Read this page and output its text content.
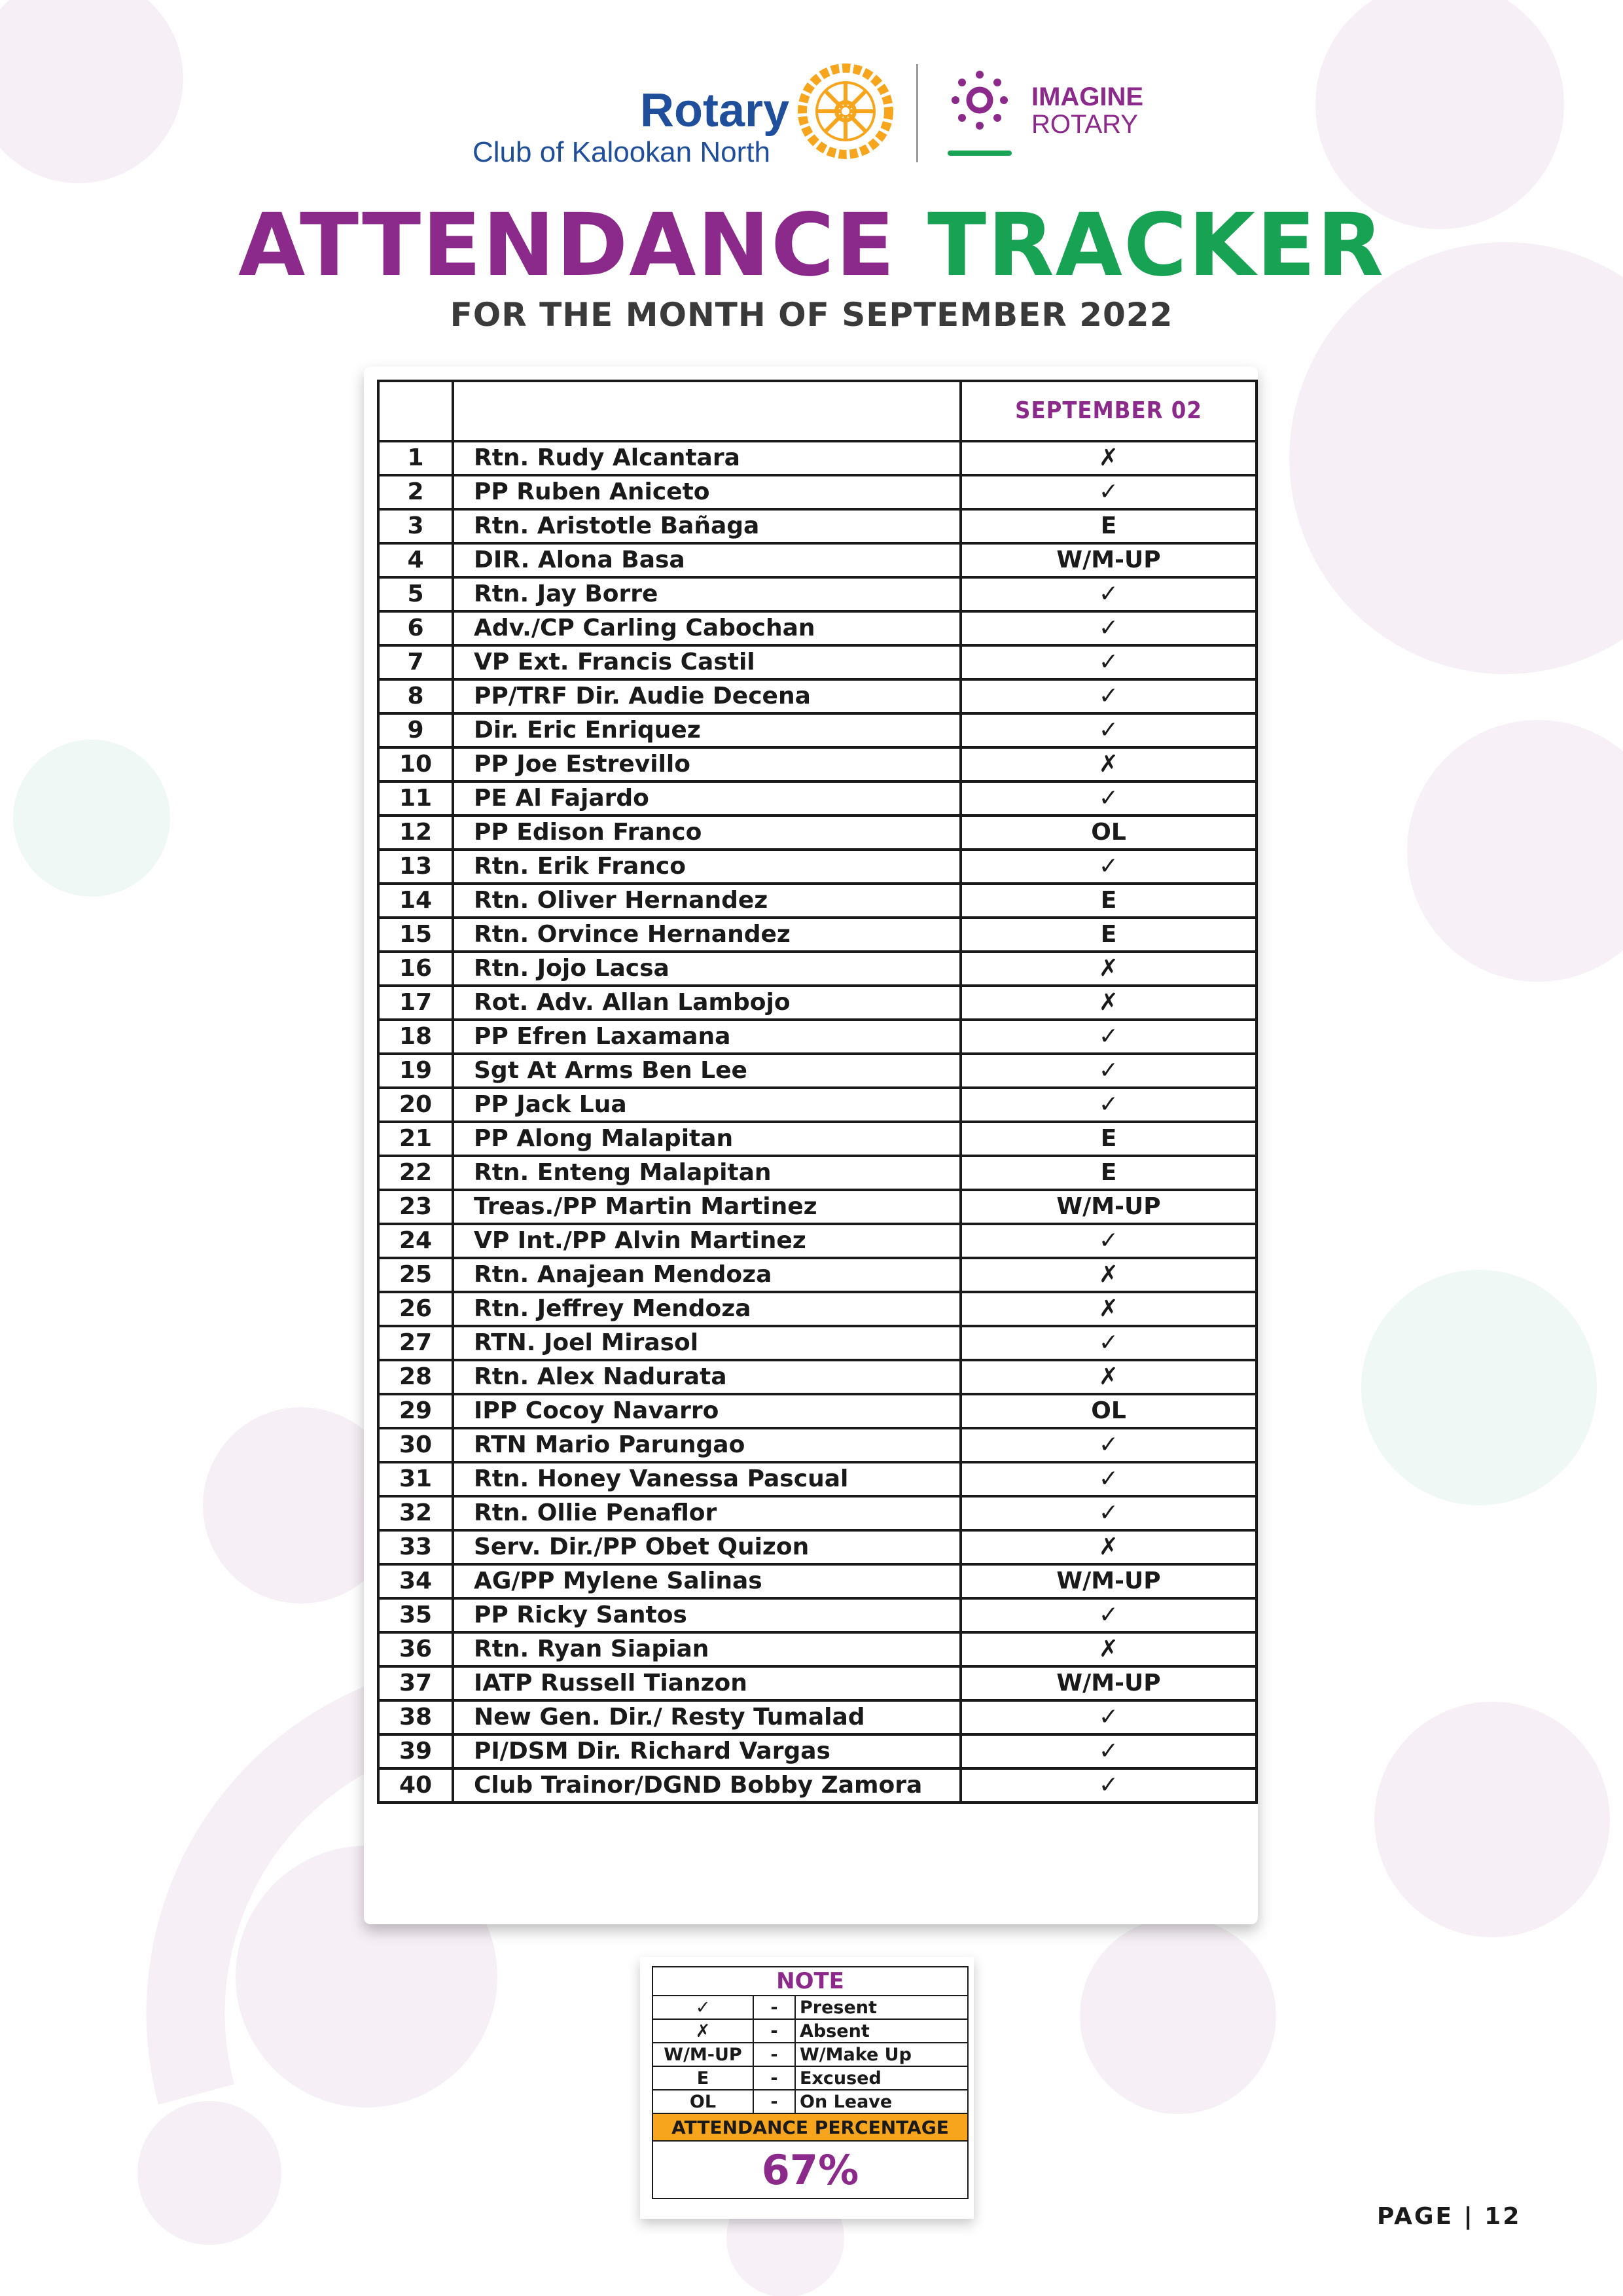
Rotary
Club of Kalookan North
IMAGINE
ROTARY
ATTENDANCE TRACKER
FOR THE MONTH OF SEPTEMBER 2022
		SEPTEMBER 02
1	Rtn. Rudy Alcantara	✗
2	PP Ruben Aniceto	✓
3	Rtn. Aristotle Bañaga	E
4	DIR. Alona Basa	W/M-UP
5	Rtn. Jay Borre	✓
6	Adv./CP Carling Cabochan	✓
7	VP Ext. Francis Castil	✓
8	PP/TRF Dir. Audie Decena	✓
9	Dir. Eric Enriquez	✓
10	PP Joe Estrevillo	✗
11	PE Al Fajardo	✓
12	PP Edison Franco	OL
13	Rtn. Erik Franco	✓
14	Rtn. Oliver Hernandez	E
15	Rtn. Orvince Hernandez	E
16	Rtn. Jojo Lacsa	✗
17	Rot. Adv. Allan Lambojo	✗
18	PP Efren Laxamana	✓
19	Sgt At Arms Ben Lee	✓
20	PP Jack Lua	✓
21	PP Along Malapitan	E
22	Rtn. Enteng Malapitan	E
23	Treas./PP Martin Martinez	W/M-UP
24	VP Int./PP Alvin Martinez	✓
25	Rtn. Anajean Mendoza	✗
26	Rtn. Jeffrey Mendoza	✗
27	RTN. Joel Mirasol	✓
28	Rtn. Alex Nadurata	✗
29	IPP Cocoy Navarro	OL
30	RTN Mario Parungao	✓
31	Rtn. Honey Vanessa Pascual	✓
32	Rtn. Ollie Penaflor	✓
33	Serv. Dir./PP Obet Quizon	✗
34	AG/PP Mylene Salinas	W/M-UP
35	PP Ricky Santos	✓
36	Rtn. Ryan Siapian	✗
37	IATP Russell Tianzon	W/M-UP
38	New Gen. Dir./ Resty Tumalad	✓
39	PI/DSM Dir. Richard Vargas	✓
40	Club Trainor/DGND Bobby Zamora	✓
NOTE		
✓	-	Present
✗	-	Absent
W/M-UP	-	W/Make Up
E	-	Excused
OL	-	On Leave
ATTENDANCE PERCENTAGE		
67%		
PAGE | 12
